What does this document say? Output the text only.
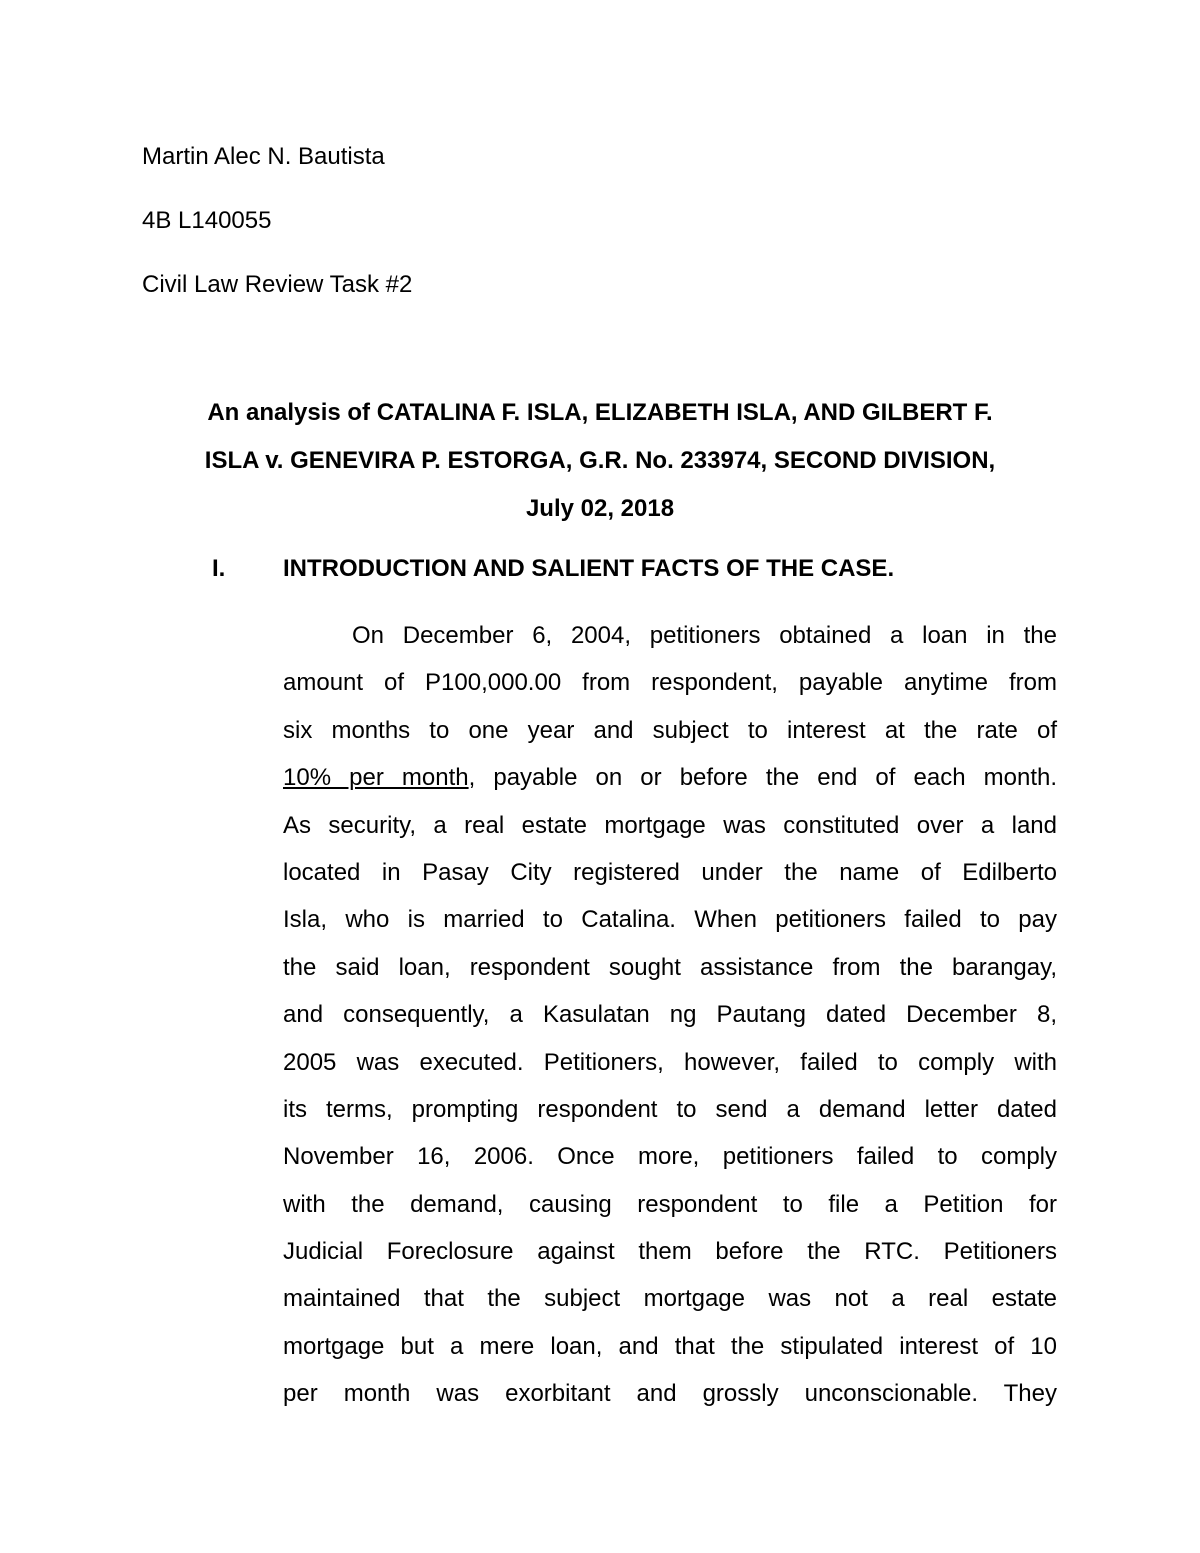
Martin Alec N. Bautista
4B L140055
Civil Law Review Task #2
An analysis of CATALINA F. ISLA, ELIZABETH ISLA, AND GILBERT F.
ISLA v. GENEVIRA P. ESTORGA, G.R. No. 233974, SECOND DIVISION,
July 02, 2018
I. INTRODUCTION AND SALIENT FACTS OF THE CASE.
On December 6, 2004, petitioners obtained a loan in the
amount of P100,000.00 from respondent, payable anytime from
six months to one year and subject to interest at the rate of
10% per month, payable on or before the end of each month.
As security, a real estate mortgage was constituted over a land
located in Pasay City registered under the name of Edilberto
Isla, who is married to Catalina. When petitioners failed to pay
the said loan, respondent sought assistance from the barangay,
and consequently, a Kasulatan ng Pautang dated December 8,
2005 was executed. Petitioners, however, failed to comply with
its terms, prompting respondent to send a demand letter dated
November 16, 2006. Once more, petitioners failed to comply
with the demand, causing respondent to file a Petition for
Judicial Foreclosure against them before the RTC. Petitioners
maintained that the subject mortgage was not a real estate
mortgage but a mere loan, and that the stipulated interest of 10
per month was exorbitant and grossly unconscionable. They
